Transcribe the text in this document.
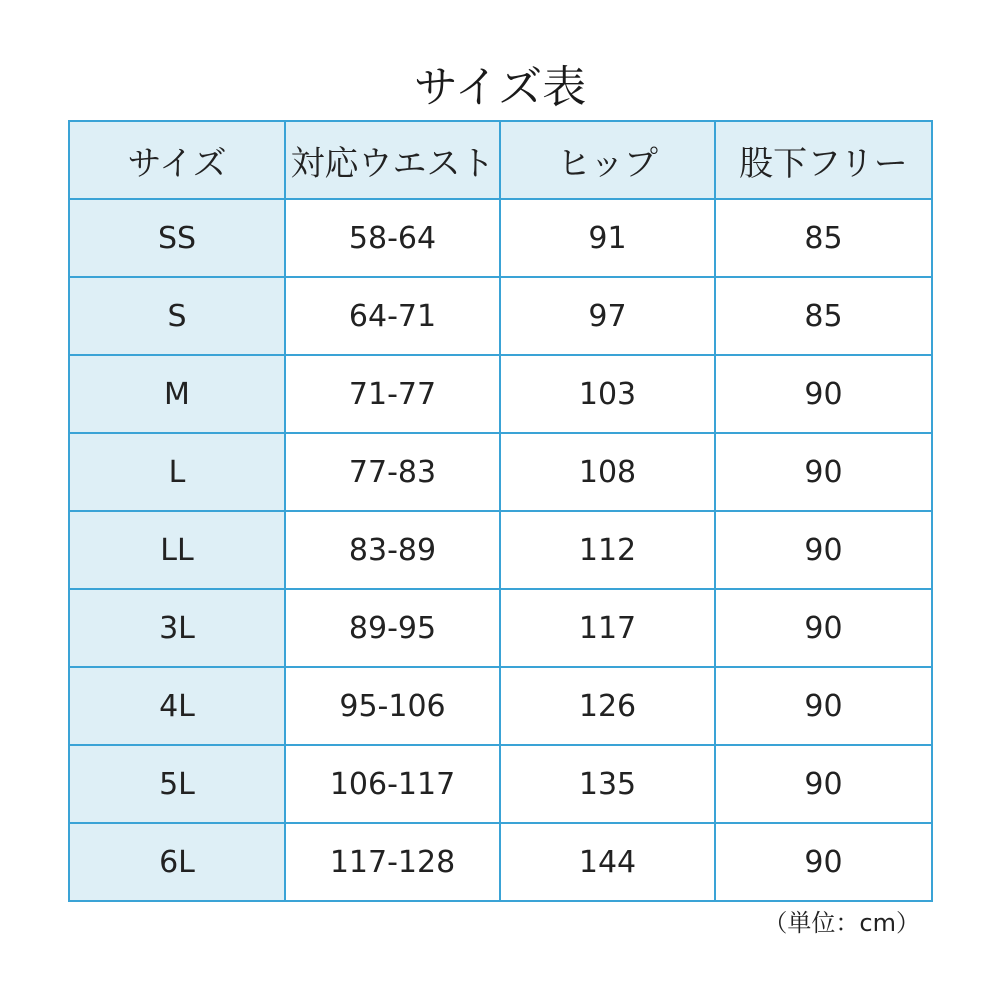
サイズ表
サイズ	対応ウエスト	ヒップ	股下フリー
SS	58-64	91	85
S	64-71	97	85
M	71-77	103	90
L	77-83	108	90
LL	83-89	112	90
3L	89-95	117	90
4L	95-106	126	90
5L	106-117	135	90
6L	117-128	144	90
（単位：cm）
